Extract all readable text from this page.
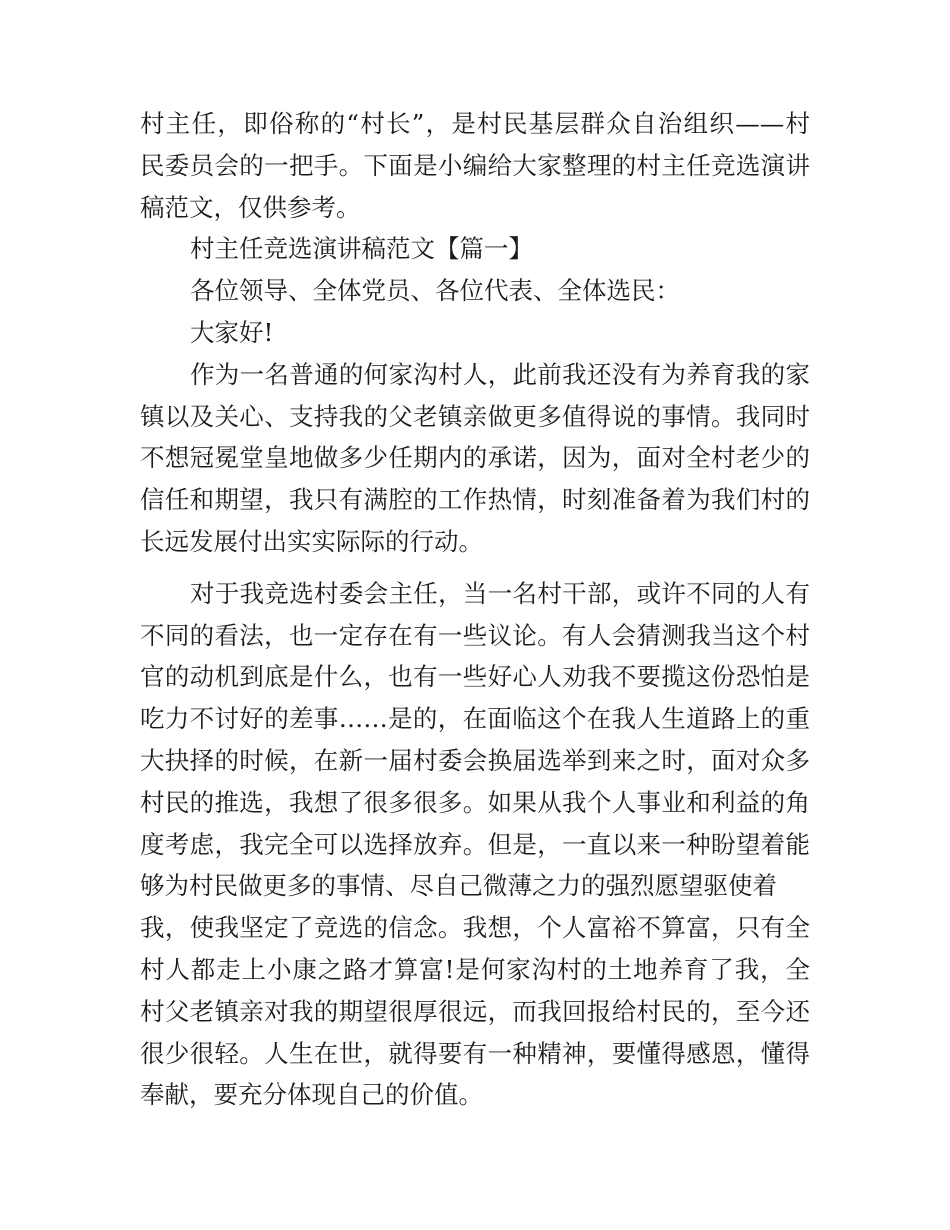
村主任，即俗称的“村长”，是村民基层群众自治组织——村
民委员会的一把手。下面是小编给大家整理的村主任竞选演讲
稿范文，仅供参考。
村主任竞选演讲稿范文【篇一】
各位领导、全体党员、各位代表、全体选民：
大家好!
作为一名普通的何家沟村人，此前我还没有为养育我的家
镇以及关心、支持我的父老镇亲做更多值得说的事情。我同时
不想冠冕堂皇地做多少任期内的承诺，因为，面对全村老少的
信任和期望，我只有满腔的工作热情，时刻准备着为我们村的
长远发展付出实实际际的行动。
对于我竞选村委会主任，当一名村干部，或许不同的人有
不同的看法，也一定存在有一些议论。有人会猜测我当这个村
官的动机到底是什么，也有一些好心人劝我不要揽这份恐怕是
吃力不讨好的差事……是的，在面临这个在我人生道路上的重
大抉择的时候，在新一届村委会换届选举到来之时，面对众多
村民的推选，我想了很多很多。如果从我个人事业和利益的角
度考虑，我完全可以选择放弃。但是，一直以来一种盼望着能
够为村民做更多的事情、尽自己微薄之力的强烈愿望驱使着
我，使我坚定了竞选的信念。我想，个人富裕不算富，只有全
村人都走上小康之路才算富!是何家沟村的土地养育了我，全
村父老镇亲对我的期望很厚很远，而我回报给村民的，至今还
很少很轻。人生在世，就得要有一种精神，要懂得感恩，懂得
奉献，要充分体现自己的价值。
